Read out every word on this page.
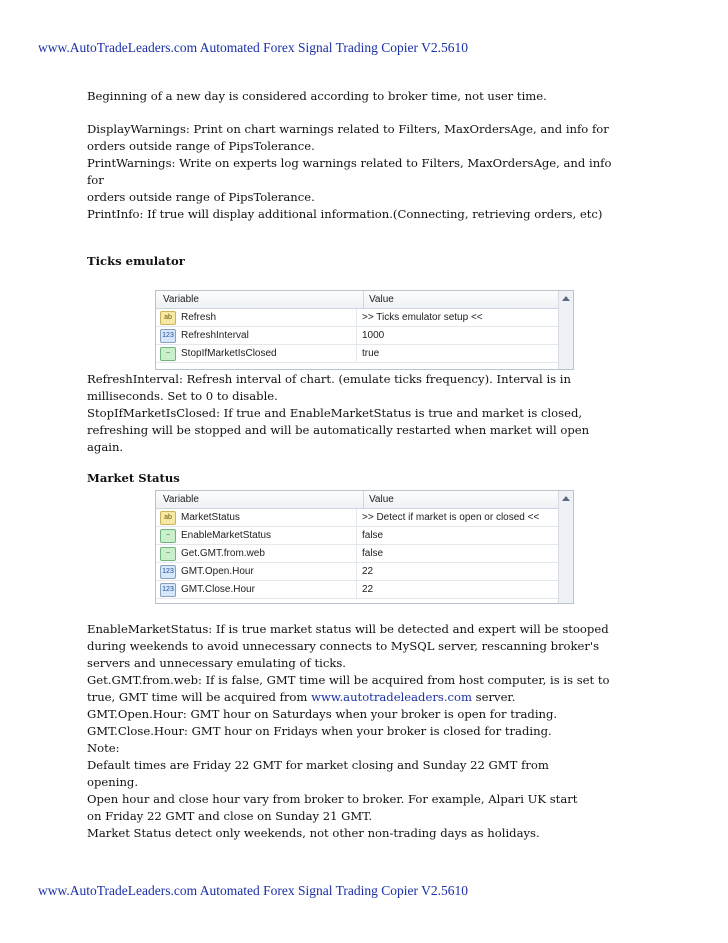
www.AutoTradeLeaders.com Automated Forex Signal Trading Copier V2.5610

Beginning of a new day is considered according to broker time, not user time.

DisplayWarnings: Print on chart warnings related to Filters, MaxOrdersAge, and info for

orders outside range of PipsTolerance.

PrintWarnings: Write on experts log warnings related to Filters, MaxOrdersAge, and info

for

orders outside range of PipsTolerance.

PrintInfo: If true will display additional information.(Connecting, retrieving orders, etc)

Ticks emulator
Variable	Value
ab Refresh	>> Ticks emulator setup <<
123 RefreshInterval	1000
~	StopIfMarketIsClosed	true

RefreshInterval: Refresh interval of chart. (emulate ticks frequency). Interval is in

milliseconds. Set to 0 to disable.

StopIfMarketIsClosed: If true and EnableMarketStatus is true and market is closed,

refreshing will be stopped and will be automatically restarted when market will open

again.

Market Status
Variable	Value
ab MarketStatus	>> Detect if market is open or closed <<
~	EnableMarketStatus	false
~	Get.GMT.from.web	false
123 GMT.Open.Hour	22
123 GMT.Close.Hour	22

EnableMarketStatus: If is true market status will be detected and expert will be stooped

during weekends to avoid unnecessary connects to MySQL server, rescanning broker's

servers and unnecessary emulating of ticks.

Get.GMT.from.web: If is false, GMT time will be acquired from host computer, is is set to

true, GMT time will be acquired from www.autotradeleaders.com server.

GMT.Open.Hour: GMT hour on Saturdays when your broker is open for trading.

GMT.Close.Hour: GMT hour on Fridays when your broker is closed for trading.

Note:

Default times are Friday 22 GMT for market closing and Sunday 22 GMT from

opening.

Open hour and close hour vary from broker to broker. For example, Alpari UK start

on Friday 22 GMT and close on Sunday 21 GMT.

Market Status detect only weekends, not other non-trading days as holidays.

www.AutoTradeLeaders.com Automated Forex Signal Trading Copier V2.5610
